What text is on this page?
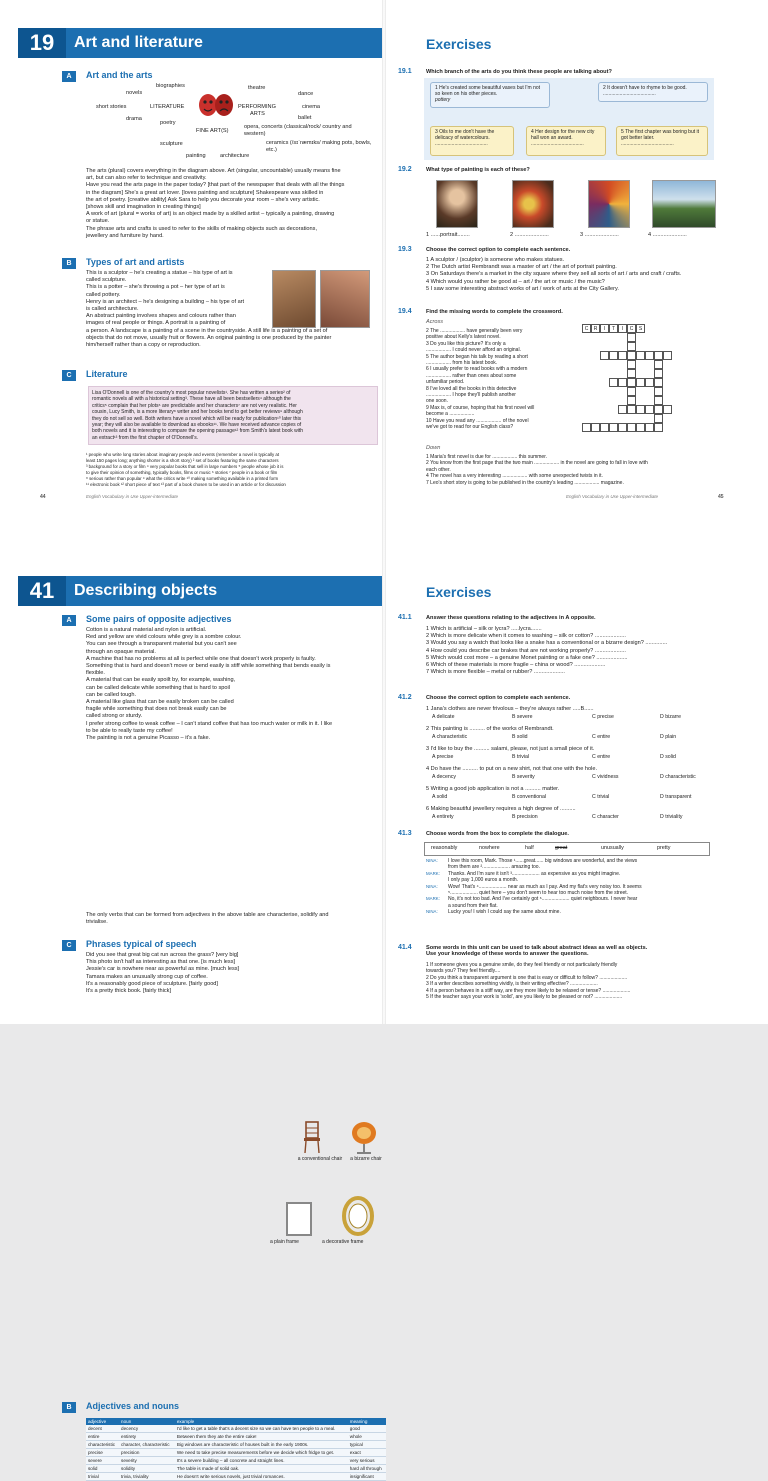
19	Art and literature
A	Art and the arts
biographies	theatre
novels	dance
short stories	LITERATURE	PERFORMING	cinema
ARTS
drama
poetry
ballet
FINE ART(S)
opera, concerts (classical/rock/ country and western)
sculpture	ceramics (/sɪˈræmɪks/ making pots, bowls, etc.)
painting	architecture
The arts (plural) covers everything in the diagram above. Art (singular, uncountable) usually means fine
art, but can also refer to technique and creativity.
Have you read the arts page in the paper today? [that part of the newspaper that deals with all the things
in the diagram] She's a great art lover. [loves painting and sculpture] Shakespeare was skilled in
the art of poetry. [creative ability] Ask Sara to help you decorate your room – she's very artistic.
[shows skill and imagination in creating things]
A work of art (plural = works of art) is an object made by a skilled artist – typically a painting, drawing
or statue.
The phrase arts and crafts is used to refer to the skills of making objects such as decorations,
jewellery and furniture by hand.
B	Types of art and artists
This is a sculptor – he's creating a statue – his type of art is
called sculpture.
This is a potter – she's throwing a pot – her type of art is
called pottery.
Henry is an architect – he's designing a building – his type of art
is called architecture.
An abstract painting involves shapes and colours rather than
images of real people or things. A portrait is a painting of
a person. A landscape is a painting of a scene in the countryside. A still life is a painting of a set of
objects that do not move, usually fruit or flowers. An original painting is one produced by the painter
him/herself rather than a copy or reproduction.
C	Literature
Lisa O'Donnell is one of the country's most popular novelists¹. She has written a series² of
romantic novels all with a historical setting³. These have all been bestsellers⁴ although the
critics⁵ complain that her plots⁶ are predictable and her characters⁷ are not very realistic. Her
cousin, Lucy Smith, is a more literary⁸ writer and her books tend to get better reviews⁹ although
they do not sell so well. Both writers have a novel which will be ready for publication¹⁰ later this
year; they will also be available to download as ebooks¹¹. We have received advance copies of
both novels and it is interesting to compare the opening passage¹² from Smith's latest book with
an extract¹³ from the first chapter of O'Donnell's.
¹ people who write long stories about imaginary people and events (remember a novel is typically at
least 150 pages long; anything shorter is a short story) ² set of books featuring the same characters
³ background for a story or film ⁴ very popular books that sell in large numbers ⁵ people whose job it is
to give their opinion of something, typically books, films or music ⁶ stories ⁷ people in a book or film
⁸ serious rather than popular ⁹ what the critics write ¹⁰ making something available in a printed form
¹¹ electronic book ¹² short piece of text ¹³ part of a book chosen to be used in an article or for discussion
44	English Vocabulary in Use Upper-intermediate
Exercises
19.1	Which branch of the arts do you think these people are talking about?
1 He's created some beautiful vases but I'm not so keen on his other pieces.
pottery
2 It doesn't have to rhyme to be good.
......................................
3 Oils to me don't have the delicacy of watercolours.
......................................
4 Her design for the new city hall won an award.
......................................
5 The first chapter was boring but it got better later.
......................................
19.2	What type of painting is each of these?
1 ......portrait........	2 ......................	3 ......................	4 ......................
19.3	Choose the correct option to complete each sentence.
1 A sculptor / (sculptor) is someone who makes statues.
2 The Dutch artist Rembrandt was a master of art / the art of portrait painting.
3 On Saturdays there's a market in the city square where they sell all sorts of art / arts and craft / crafts.
4 Which would you rather be good at – art / the art or music / the music?
5 I saw some interesting abstract works of art / work of arts at the City Gallery.
19.4	Find the missing words to complete the crossword.
Across
2 The .................. have generally been very
positive about Kelly's latest novel.
3 Do you like this picture? It's only a
.................. I could never afford an original.
5 The author began his talk by reading a short
.................. from his latest book.
6 I usually prefer to read books with a modern
.................. rather than ones about some
unfamiliar period.
8 I've loved all the books in this detective
.................. I hope they'll publish another
one soon.
9 Max is, of course, hoping that his first novel will
become a ..................
10 Have you read any .................. of the novel
we've got to read for our English class?
C	R	I	T	I	C	S
Down
1 Maria's first novel is due for .................. this summer.
2 You know from the first page that the two main .................. in the novel are going to fall in love with
each other.
4 The novel has a very interesting .................. with some unexpected twists in it.
7 Leo's short story is going to be published in the country's leading .................. magazine.
English Vocabulary in Use Upper-intermediate	45
41	Describing objects
A	Some pairs of opposite adjectives
Cotton is a natural material and nylon is artificial.
Red and yellow are vivid colours while grey is a sombre colour.
You can see through a transparent material but you can't see
through an opaque material.
A machine that has no problems at all is perfect while one that doesn't work properly is faulty.
Something that is hard and doesn't move or bend easily is stiff while something that bends easily is
flexible.
A material that can be easily spoilt by, for example, washing,
can be called delicate while something that is hard to spoil
can be called tough.
A material like glass that can be easily broken can be called
fragile while something that does not break easily can be
called strong or sturdy.
I prefer strong coffee to weak coffee – I can't stand coffee that has too much water or milk in it. I like
to be able to really taste my coffee!
The painting is not a genuine Picasso – it's a fake.
a conventional chair	a bizarre chair
a plain frame	a decorative frame
B	Adjectives and nouns
adjective	noun	example	meaning
decent	decency	I'd like to get a table that's a decent size so we can have ten people to a meal.	good
entire	entirety	Between them they ate the entire cake!	whole
characteristic	character, characteristic	Big windows are characteristic of houses built in the early 1900s.	typical
precise	precision	We need to take precise measurements before we decide which fridge to get.	exact
severe	severity	It's a severe building – all concrete and straight lines.	very serious
solid	solidity	The table is made of solid oak.	hard all through
trivial	trivia, triviality	He doesn't write serious novels, just trivial romances.	insignificant
The only verbs that can be formed from adjectives in the above table are characterise, solidify and
trivialise.
C	Phrases typical of speech
Did you see that great big cat run across the grass? [very big]
This photo isn't half as interesting as that one. [is much less]
Jessie's car is nowhere near as powerful as mine. [much less]
Tamara makes an unusually strong cup of coffee.
It's a reasonably good piece of sculpture. [fairly good]
It's a pretty thick book. [fairly thick]
Exercises
41.1	Answer these questions relating to the adjectives in A opposite.
1 Which is artificial – silk or lycra? .....lycra.......
2 Which is more delicate when it comes to washing – silk or cotton? ....................
3 Would you say a watch that looks like a snake has a conventional or a bizarre design? ..............
4 How could you describe car brakes that are not working properly? ....................
5 Which would cost more – a genuine Monet painting or a fake one? ....................
6 Which of these materials is more fragile – china or wood? ....................
7 Which is more flexible – metal or rubber? ....................
41.2	Choose the correct option to complete each sentence.
1 Jana's clothes are never frivolous – they're always rather .....B......
A delicate	B severe	C precise	D bizarre
2 This painting is .......... of the works of Rembrandt.
A characteristic	B solid	C entire	D plain
3 I'd like to buy the .......... salami, please, not just a small piece of it.
A precise	B trivial	C entire	D solid
4 Do have the .......... to put on a new shirt, not that one with the hole.
A decency	B severity	C vividness	D characteristic
5 Writing a good job application is not a .......... matter.
A solid	B conventional	C trivial	D transparent
6 Making beautiful jewellery requires a high degree of ..........
A entirety	B precision	C character	D triviality
41.3	Choose words from the box to complete the dialogue.
reasonably	nowhere	half	great	unusually	pretty
NINA: I love this room, Mark. Those ¹......great...... big windows are wonderful, and the views
from them are ².................... amazing too.
MARK: Thanks. And I'm sure it isn't ³.................... as expensive as you might imagine.
I only pay 1,000 euros a month.
NINA: Wow! That's ⁴.................... near as much as I pay. And my flat's very noisy too. It seems
⁵.................... quiet here – you don't seem to hear too much noise from the street.
MARK: No, it's not too bad. And I've certainly got ⁶.................... quiet neighbours. I never hear
a sound from their flat.
NINA: Lucky you! I wish I could say the same about mine.
41.4	Some words in this unit can be used to talk about abstract ideas as well as objects.
Use your knowledge of these words to answer the questions.
1 If someone gives you a genuine smile, do they feel friendly or not particularly friendly
towards you? They feel friendly....
2 Do you think a transparent argument is one that is easy or difficult to follow? ....................
3 If a writer describes something vividly, is their writing effective? ....................
4 If a person behaves in a stiff way, are they more likely to be relaxed or tense? ....................
5 If the teacher says your work is 'solid', are you likely to be pleased or not? ....................
